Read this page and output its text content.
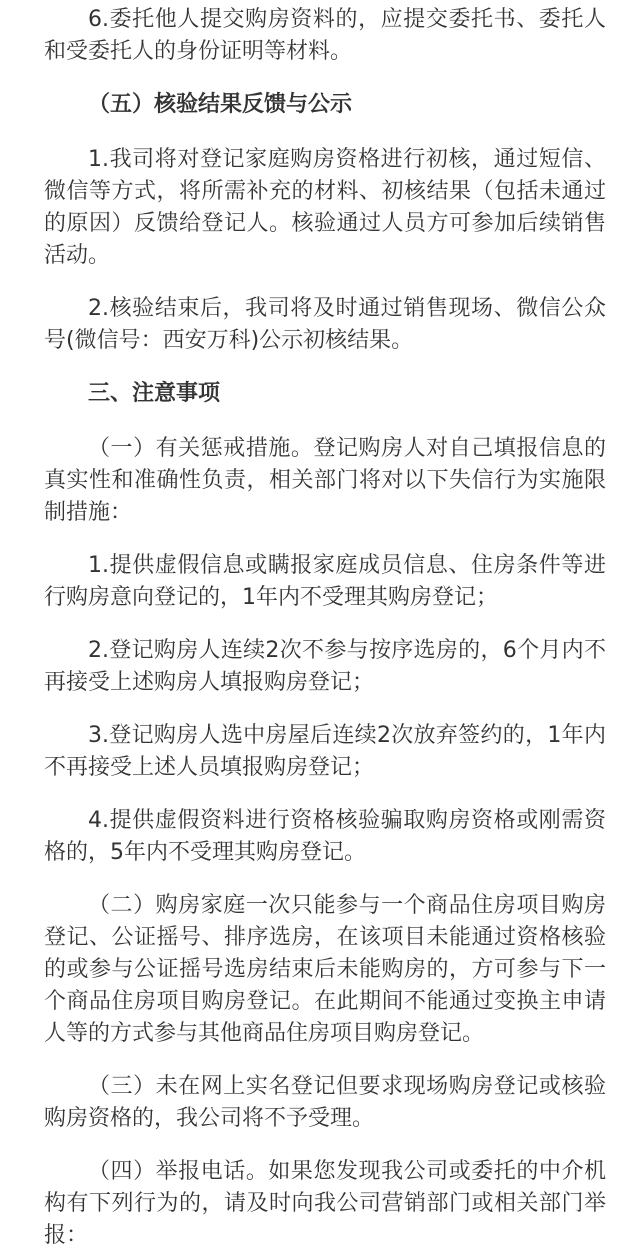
6.委托他人提交购房资料的，应提交委托书、委托人和受委托人的身份证明等材料。

（五）核验结果反馈与公示

1.我司将对登记家庭购房资格进行初核，通过短信、微信等方式，将所需补充的材料、初核结果（包括未通过的原因）反馈给登记人。核验通过人员方可参加后续销售活动。

2.核验结束后，我司将及时通过销售现场、微信公众号(微信号：西安万科)公示初核结果。

三、注意事项

（一）有关惩戒措施。登记购房人对自己填报信息的真实性和准确性负责，相关部门将对以下失信行为实施限制措施：

1.提供虚假信息或瞒报家庭成员信息、住房条件等进行购房意向登记的，1年内不受理其购房登记；

2.登记购房人连续2次不参与按序选房的，6个月内不再接受上述购房人填报购房登记；

3.登记购房人选中房屋后连续2次放弃签约的，1年内不再接受上述人员填报购房登记；

4.提供虚假资料进行资格核验骗取购房资格或刚需资格的，5年内不受理其购房登记。

（二）购房家庭一次只能参与一个商品住房项目购房登记、公证摇号、排序选房，在该项目未能通过资格核验的或参与公证摇号选房结束后未能购房的，方可参与下一个商品住房项目购房登记。在此期间不能通过变换主申请人等的方式参与其他商品住房项目购房登记。

（三）未在网上实名登记但要求现场购房登记或核验购房资格的，我公司将不予受理。

（四）举报电话。如果您发现我公司或委托的中介机构有下列行为的，请及时向我公司营销部门或相关部门举报：
